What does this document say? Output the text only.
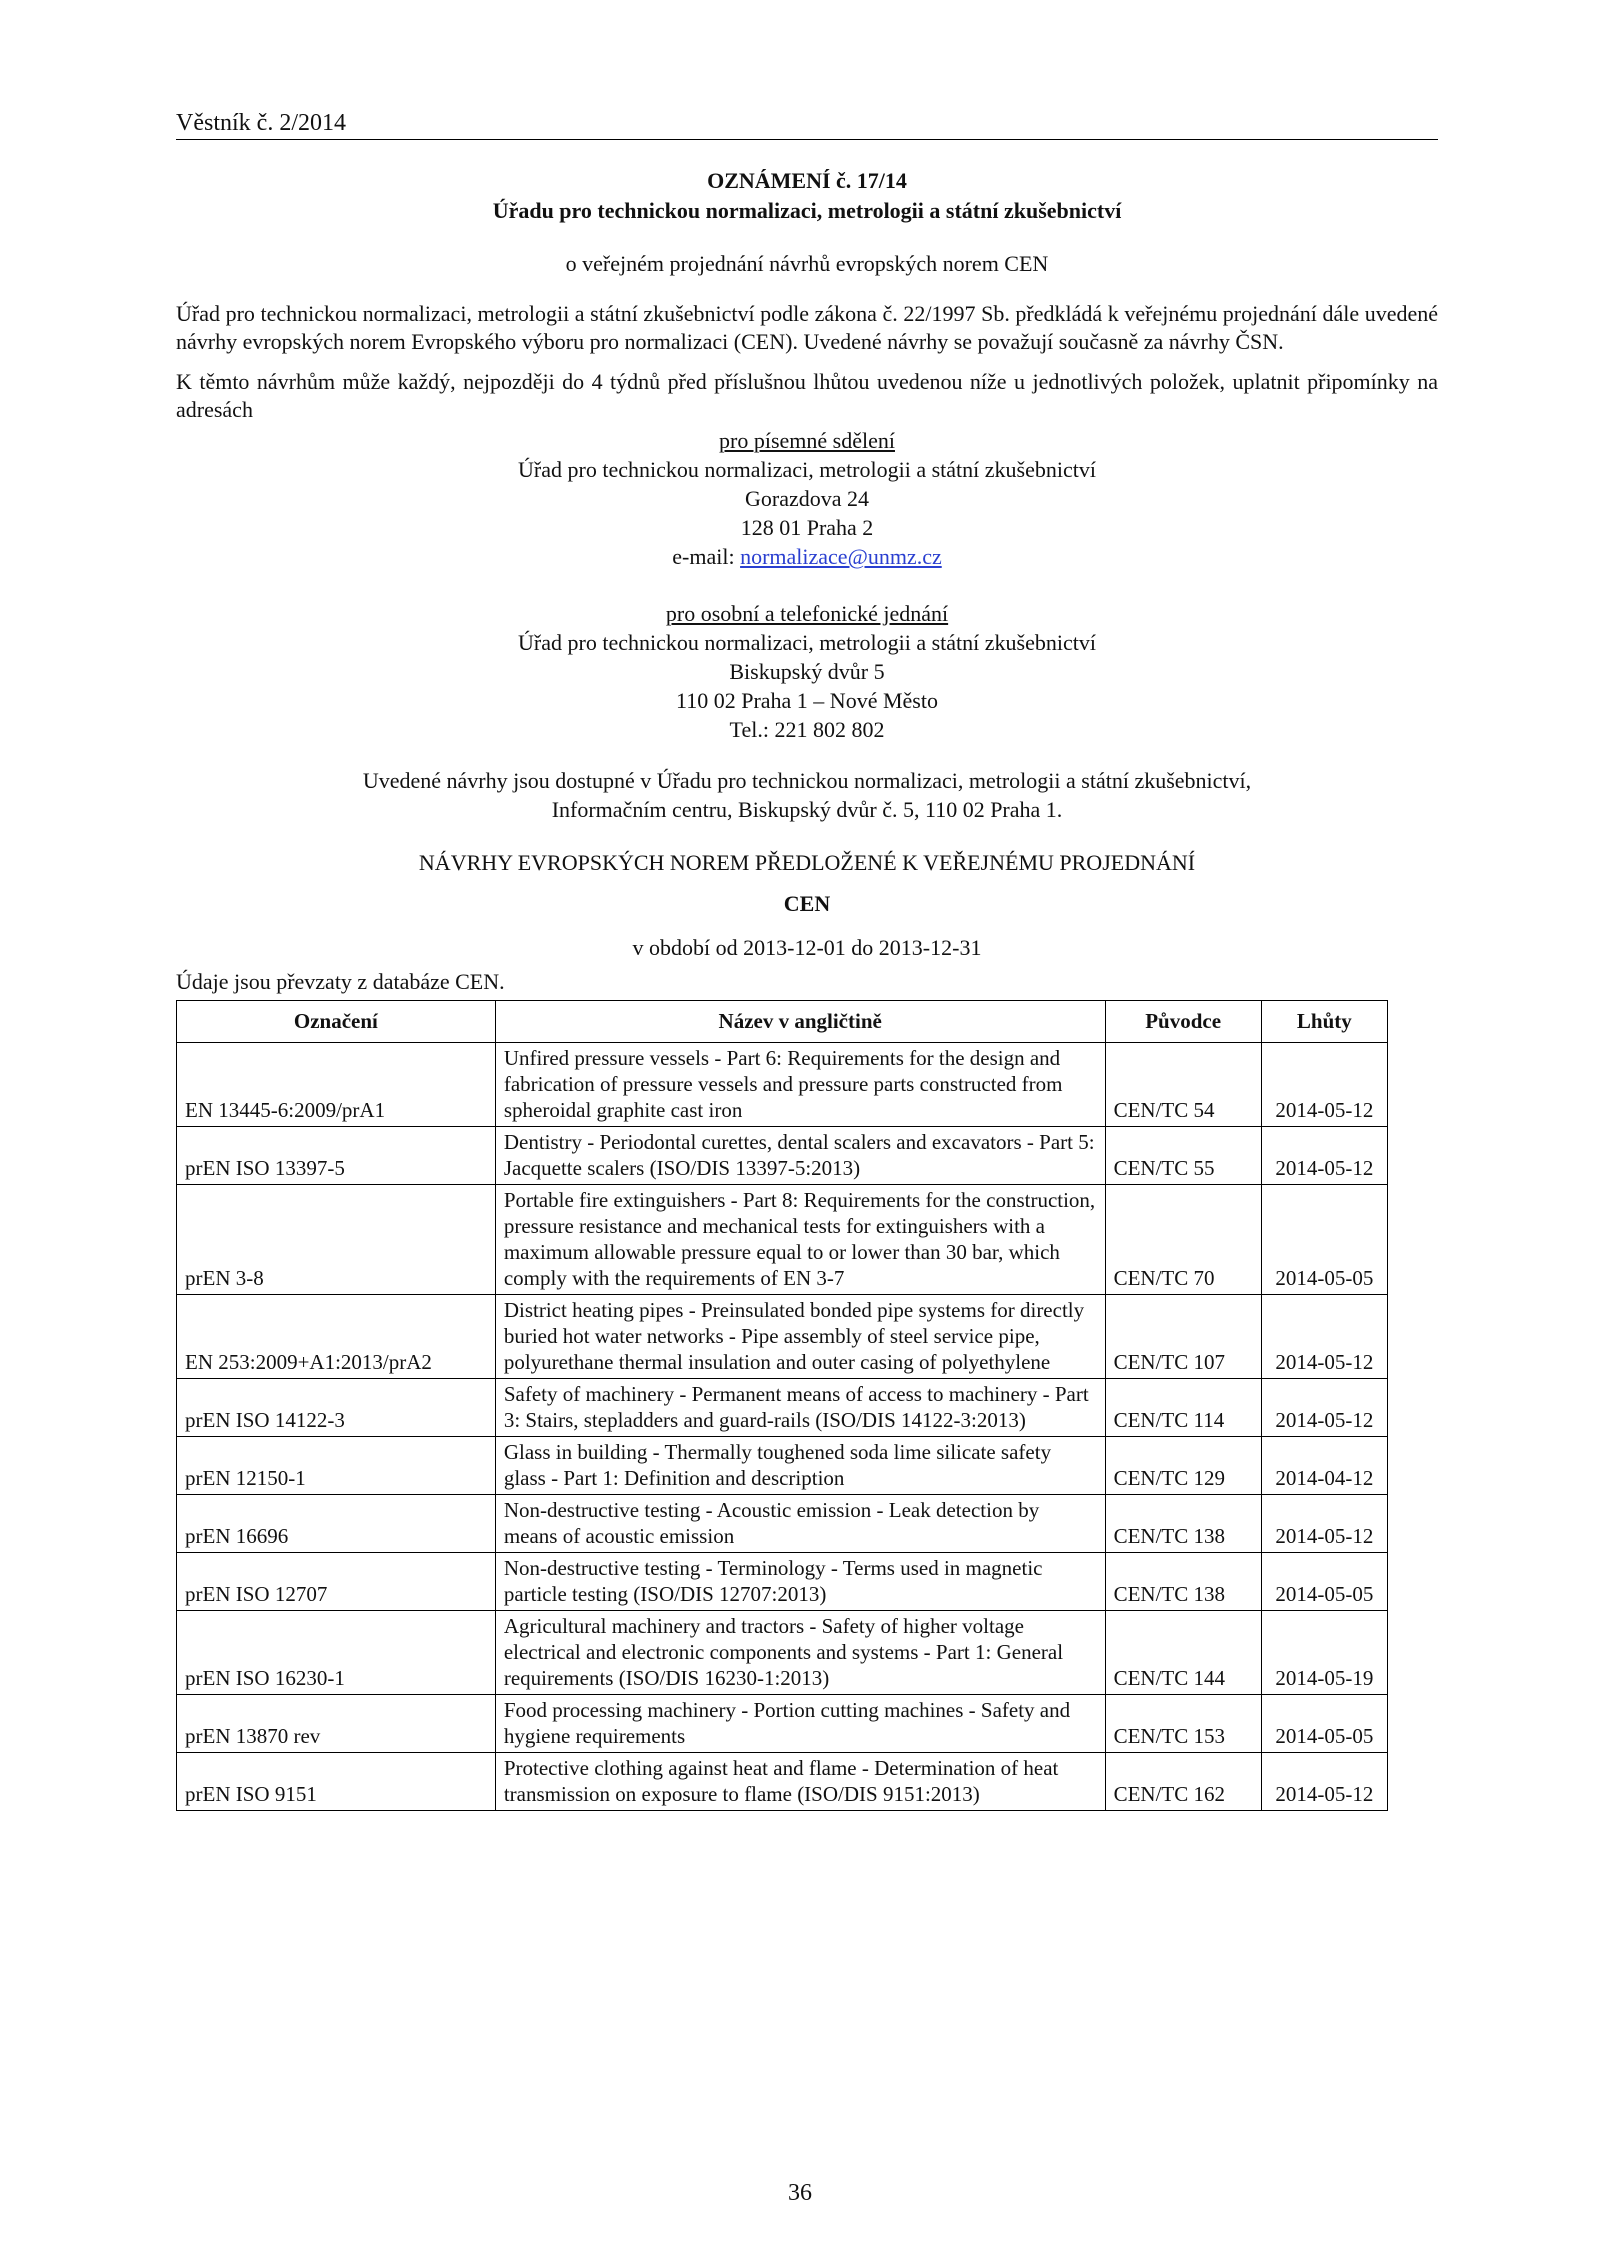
Věstník č. 2/2014
OZNÁMENÍ č. 17/14
Úřadu pro technickou normalizaci, metrologii a státní zkušebnictví
o veřejném projednání návrhů evropských norem CEN
Úřad pro technickou normalizaci, metrologii a státní zkušebnictví podle zákona č. 22/1997 Sb. předkládá k veřejnému projednání dále uvedené návrhy evropských norem Evropského výboru pro normalizaci (CEN). Uvedené návrhy se považují současně za návrhy ČSN.
K těmto návrhům může každý, nejpozději do 4 týdnů před příslušnou lhůtou uvedenou níže u jednotlivých položek, uplatnit připomínky na adresách
pro písemné sdělení
Úřad pro technickou normalizaci, metrologii a státní zkušebnictví
Gorazdova 24
128 01 Praha 2
e-mail: normalizace@unmz.cz
pro osobní a telefonické jednání
Úřad pro technickou normalizaci, metrologii a státní zkušebnictví
Biskupský dvůr 5
110 02 Praha 1 – Nové Město
Tel.: 221 802 802
Uvedené návrhy jsou dostupné v Úřadu pro technickou normalizaci, metrologii a státní zkušebnictví,
Informačním centru, Biskupský dvůr č. 5, 110 02 Praha 1.
NÁVRHY EVROPSKÝCH NOREM PŘEDLOŽENÉ K VEŘEJNÉMU PROJEDNÁNÍ
CEN
v období od 2013-12-01 do 2013-12-31
Údaje jsou převzaty z databáze CEN.
Označení	Název v angličtině	Původce	Lhůty
EN 13445-6:2009/prA1	Unfired pressure vessels - Part 6: Requirements for the design and fabrication of pressure vessels and pressure parts constructed from spheroidal graphite cast iron	CEN/TC 54	2014-05-12
prEN ISO 13397-5	Dentistry - Periodontal curettes, dental scalers and excavators - Part 5: Jacquette scalers (ISO/DIS 13397-5:2013)	CEN/TC 55	2014-05-12
prEN 3-8	Portable fire extinguishers - Part 8: Requirements for the construction, pressure resistance and mechanical tests for extinguishers with a maximum allowable pressure equal to or lower than 30 bar, which comply with the requirements of EN 3-7	CEN/TC 70	2014-05-05
EN 253:2009+A1:2013/prA2	District heating pipes - Preinsulated bonded pipe systems for directly buried hot water networks - Pipe assembly of steel service pipe, polyurethane thermal insulation and outer casing of polyethylene	CEN/TC 107	2014-05-12
prEN ISO 14122-3	Safety of machinery - Permanent means of access to machinery - Part 3: Stairs, stepladders and guard-rails (ISO/DIS 14122-3:2013)	CEN/TC 114	2014-05-12
prEN 12150-1	Glass in building - Thermally toughened soda lime silicate safety glass - Part 1: Definition and description	CEN/TC 129	2014-04-12
prEN 16696	Non-destructive testing - Acoustic emission - Leak detection by means of acoustic emission	CEN/TC 138	2014-05-12
prEN ISO 12707	Non-destructive testing - Terminology - Terms used in magnetic particle testing (ISO/DIS 12707:2013)	CEN/TC 138	2014-05-05
prEN ISO 16230-1	Agricultural machinery and tractors - Safety of higher voltage electrical and electronic components and systems - Part 1: General requirements (ISO/DIS 16230-1:2013)	CEN/TC 144	2014-05-19
prEN 13870 rev	Food processing machinery - Portion cutting machines - Safety and hygiene requirements	CEN/TC 153	2014-05-05
prEN ISO 9151	Protective clothing against heat and flame - Determination of heat transmission on exposure to flame (ISO/DIS 9151:2013)	CEN/TC 162	2014-05-12
36
